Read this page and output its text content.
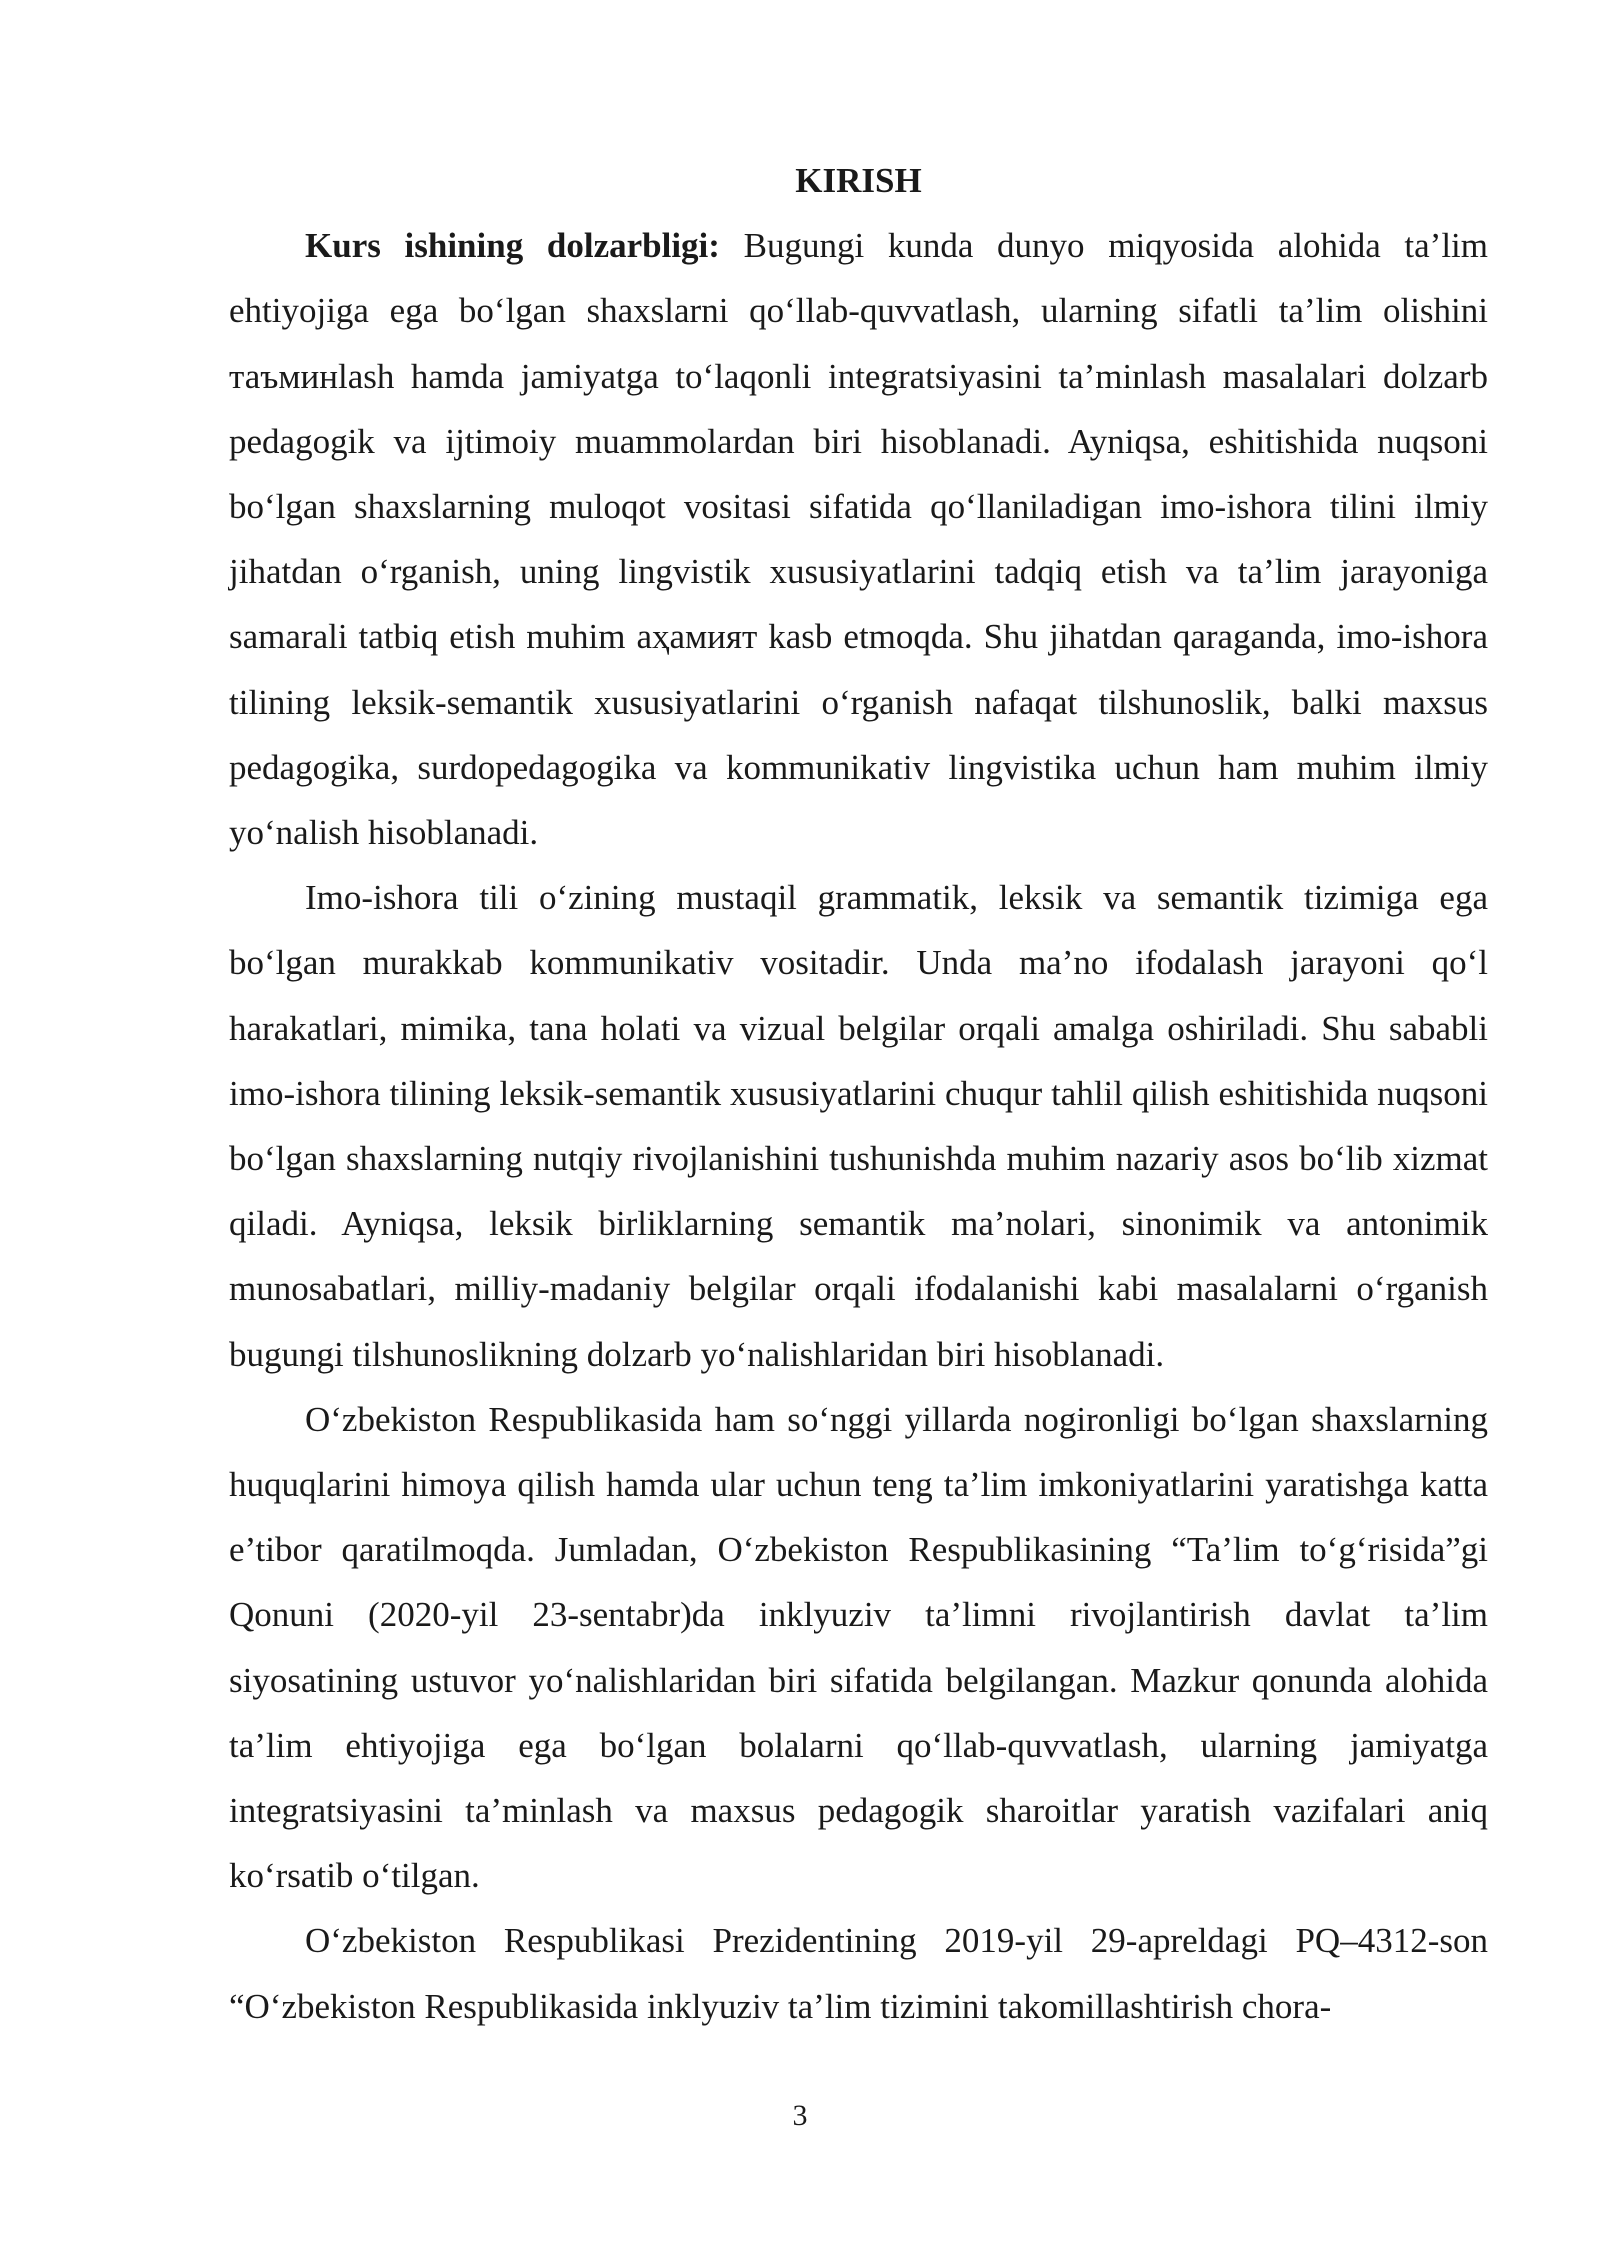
KIRISH

Kurs ishining dolzarbligi: Bugungi kunda dunyo miqyosida alohida ta’lim ehtiyojiga ega bo‘lgan shaxslarni qo‘llab-quvvatlash, ularning sifatli ta’lim olishini таъминlash hamda jamiyatga to‘laqonli integratsiyasini ta’minlash masalalari dolzarb pedagogik va ijtimoiy muammolardan biri hisoblanadi. Ayniqsa, eshitishida nuqsoni bo‘lgan shaxslarning muloqot vositasi sifatida qo‘llaniladigan imo-ishora tilini ilmiy jihatdan o‘rganish, uning lingvistik xususiyatlarini tadqiq etish va ta’lim jarayoniga samarali tatbiq etish muhim аҳамият kasb etmoqda. Shu jihatdan qaraganda, imo-ishora tilining leksik-semantik xususiyatlarini o‘rganish nafaqat tilshunoslik, balki maxsus pedagogika, surdopedagogika va kommunikativ lingvistika uchun ham muhim ilmiy yo‘nalish hisoblanadi.

Imo-ishora tili o‘zining mustaqil grammatik, leksik va semantik tizimiga ega bo‘lgan murakkab kommunikativ vositadir. Unda ma’no ifodalash jarayoni qo‘l harakatlari, mimika, tana holati va vizual belgilar orqali amalga oshiriladi. Shu sababli imo-ishora tilining leksik-semantik xususiyatlarini chuqur tahlil qilish eshitishida nuqsoni bo‘lgan shaxslarning nutqiy rivojlanishini tushunishda muhim nazariy asos bo‘lib xizmat qiladi. Ayniqsa, leksik birliklarning semantik ma’nolari, sinonimik va antonimik munosabatlari, milliy-madaniy belgilar orqali ifodalanishi kabi masalalarni o‘rganish bugungi tilshunoslikning dolzarb yo‘nalishlaridan biri hisoblanadi.

O‘zbekiston Respublikasida ham so‘nggi yillarda nogironligi bo‘lgan shaxslarning huquqlarini himoya qilish hamda ular uchun teng ta’lim imkoniyatlarini yaratishga katta e’tibor qaratilmoqda. Jumladan, O‘zbekiston Respublikasining “Ta’lim to‘g‘risida”gi Qonuni (2020-yil 23-sentabr)da inklyuziv ta’limni rivojlantirish davlat ta’lim siyosatining ustuvor yo‘nalishlaridan biri sifatida belgilangan. Mazkur qonunda alohida ta’lim ehtiyojiga ega bo‘lgan bolalarni qo‘llab-quvvatlash, ularning jamiyatga integratsiyasini ta’minlash va maxsus pedagogik sharoitlar yaratish vazifalari aniq ko‘rsatib o‘tilgan.

O‘zbekiston Respublikasi Prezidentining 2019-yil 29-apreldagi PQ–4312-son “O‘zbekiston Respublikasida inklyuziv ta’lim tizimini takomillashtirish chora-

3
